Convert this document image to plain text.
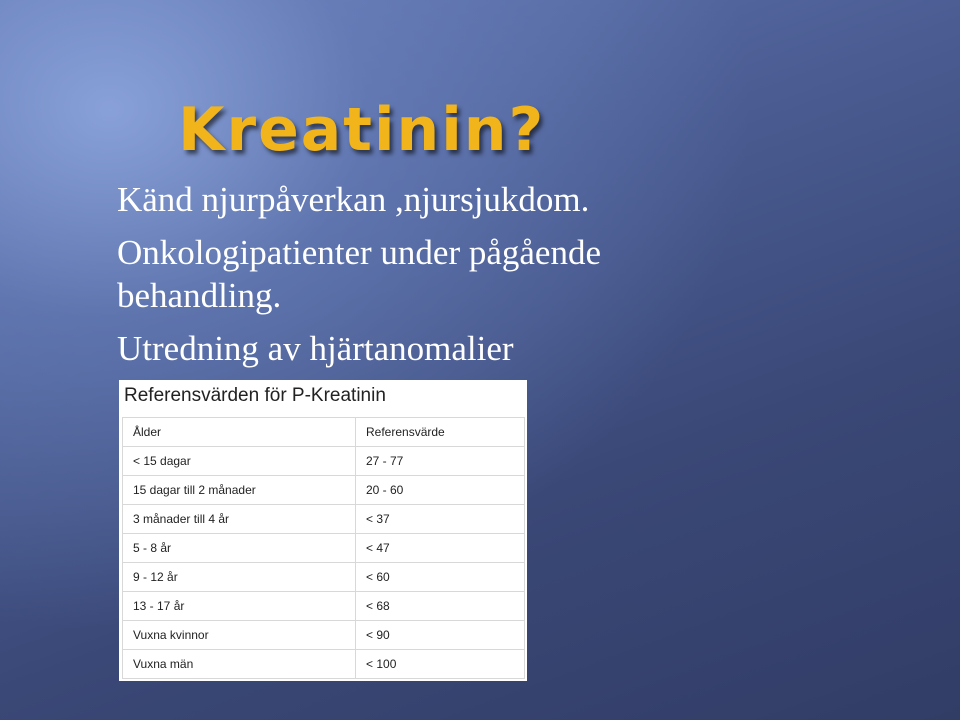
Kreatinin?
Känd njurpåverkan ,njursjukdom.
Onkologipatienter under pågående behandling.
Utredning av hjärtanomalier
Referensvärden för P-Kreatinin
Ålder	Referensvärde
< 15 dagar	27 - 77
15 dagar till 2 månader	20 - 60
3 månader till 4 år	< 37
5 - 8 år	< 47
9 - 12 år	< 60
13 - 17 år	< 68
Vuxna kvinnor	< 90
Vuxna män	< 100
